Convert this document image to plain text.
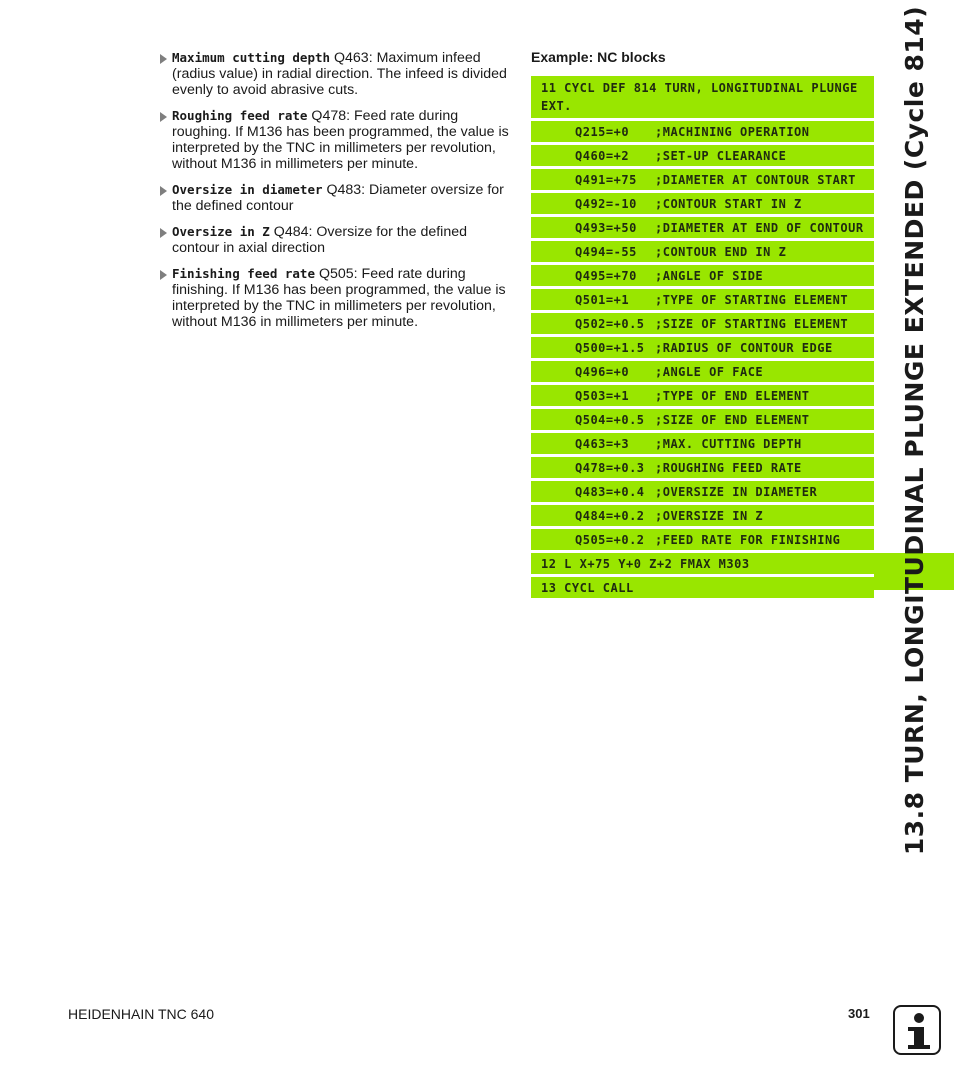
13.8 TURN, LONGITUDINAL PLUNGE EXTENDED (Cycle 814)
Maximum cutting depth Q463: Maximum infeed (radius value) in radial direction. The infeed is divided evenly to avoid abrasive cuts.
Roughing feed rate Q478: Feed rate during roughing. If M136 has been programmed, the value is interpreted by the TNC in millimeters per revolution, without M136 in millimeters per minute.
Oversize in diameter Q483: Diameter oversize for the defined contour
Oversize in Z Q484: Oversize for the defined contour in axial direction
Finishing feed rate Q505: Feed rate during finishing. If M136 has been programmed, the value is interpreted by the TNC in millimeters per revolution, without M136 in millimeters per minute.

Example: NC blocks

11 CYCL DEF 814 TURN, LONGITUDINAL PLUNGE
EXT.
Q215=+0	;MACHINING OPERATION
Q460=+2	;SET-UP CLEARANCE
Q491=+75	;DIAMETER AT CONTOUR START
Q492=-10	;CONTOUR START IN Z
Q493=+50	;DIAMETER AT END OF CONTOUR
Q494=-55	;CONTOUR END IN Z
Q495=+70	;ANGLE OF SIDE
Q501=+1	;TYPE OF STARTING ELEMENT
Q502=+0.5 ;SIZE OF STARTING ELEMENT
Q500=+1.5 ;RADIUS OF CONTOUR EDGE
Q496=+0	;ANGLE OF FACE
Q503=+1	;TYPE OF END ELEMENT
Q504=+0.5 ;SIZE OF END ELEMENT
Q463=+3	;MAX. CUTTING DEPTH
Q478=+0.3 ;ROUGHING FEED RATE
Q483=+0.4 ;OVERSIZE IN DIAMETER
Q484=+0.2 ;OVERSIZE IN Z
Q505=+0.2 ;FEED RATE FOR FINISHING
12 L X+75 Y+0 Z+2 FMAX M303
13 CYCL CALL

HEIDENHAIN TNC 640	301
